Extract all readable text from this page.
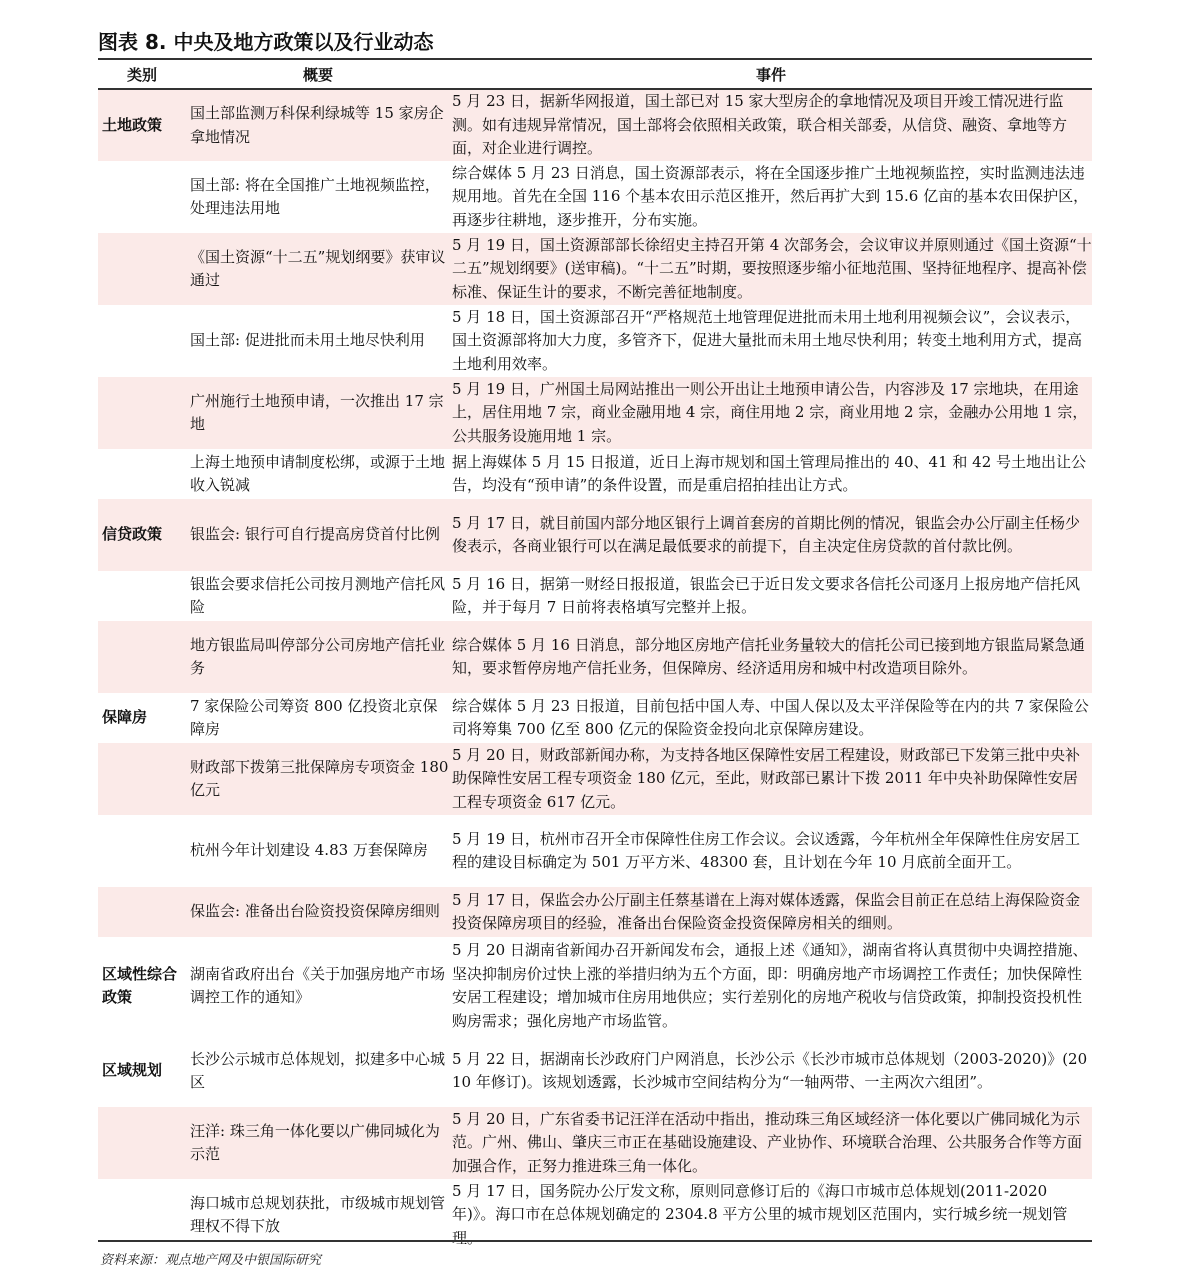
图表 8. 中央及地方政策以及行业动态
类别	概要	事件
土地政策	国土部监测万科保利绿城等 15 家房企拿地情况	5 月 23 日，据新华网报道，国土部已对 15 家大型房企的拿地情况及项目开竣工情况进行监测。如有违规异常情况，国土部将会依照相关政策，联合相关部委，从信贷、融资、拿地等方面，对企业进行调控。
	国土部: 将在全国推广土地视频监控，处理违法用地	综合媒体 5 月 23 日消息，国土资源部表示，将在全国逐步推广土地视频监控，实时监测违法违规用地。首先在全国 116 个基本农田示范区推开，然后再扩大到 15.6 亿亩的基本农田保护区，再逐步往耕地，逐步推开，分布实施。
	《国土资源“十二五”规划纲要》获审议通过	5 月 19 日，国土资源部部长徐绍史主持召开第 4 次部务会，会议审议并原则通过《国土资源“十二五”规划纲要》(送审稿)。“十二五”时期，要按照逐步缩小征地范围、坚持征地程序、提高补偿标准、保证生计的要求，不断完善征地制度。
	国土部: 促进批而未用土地尽快利用	5 月 18 日，国土资源部召开“严格规范土地管理促进批而未用土地利用视频会议”，会议表示，国土资源部将加大力度，多管齐下，促进大量批而未用土地尽快利用；转变土地利用方式，提高土地利用效率。
	广州施行土地预申请，一次推出 17 宗地	5 月 19 日，广州国土局网站推出一则公开出让土地预申请公告，内容涉及 17 宗地块，在用途上，居住用地 7 宗，商业金融用地 4 宗，商住用地 2 宗，商业用地 2 宗，金融办公用地 1 宗，公共服务设施用地 1 宗。
	上海土地预申请制度松绑，或源于土地收入锐减	据上海媒体 5 月 15 日报道，近日上海市规划和国土管理局推出的 40、41 和 42 号土地出让公告，均没有“预申请”的条件设置，而是重启招拍挂出让方式。
信贷政策	银监会: 银行可自行提高房贷首付比例	5 月 17 日，就目前国内部分地区银行上调首套房的首期比例的情况，银监会办公厅副主任杨少俊表示，各商业银行可以在满足最低要求的前提下，自主决定住房贷款的首付款比例。
	银监会要求信托公司按月测地产信托风险	5 月 16 日，据第一财经日报报道，银监会已于近日发文要求各信托公司逐月上报房地产信托风险，并于每月 7 日前将表格填写完整并上报。
	地方银监局叫停部分公司房地产信托业务	综合媒体 5 月 16 日消息，部分地区房地产信托业务量较大的信托公司已接到地方银监局紧急通知，要求暂停房地产信托业务，但保障房、经济适用房和城中村改造项目除外。
保障房	7 家保险公司筹资 800 亿投资北京保障房	综合媒体 5 月 23 日报道，目前包括中国人寿、中国人保以及太平洋保险等在内的共 7 家保险公司将筹集 700 亿至 800 亿元的保险资金投向北京保障房建设。
	财政部下拨第三批保障房专项资金 180 亿元	5 月 20 日，财政部新闻办称，为支持各地区保障性安居工程建设，财政部已下发第三批中央补助保障性安居工程专项资金 180 亿元，至此，财政部已累计下拨 2011 年中央补助保障性安居工程专项资金 617 亿元。
	杭州今年计划建设 4.83 万套保障房	5 月 19 日，杭州市召开全市保障性住房工作会议。会议透露，今年杭州全年保障性住房安居工程的建设目标确定为 501 万平方米、48300 套，且计划在今年 10 月底前全面开工。
	保监会: 准备出台险资投资保障房细则	5 月 17 日，保监会办公厅副主任蔡基谱在上海对媒体透露，保监会目前正在总结上海保险资金投资保障房项目的经验，准备出台保险资金投资保障房相关的细则。
区域性综合政策	湖南省政府出台《关于加强房地产市场调控工作的通知》	5 月 20 日湖南省新闻办召开新闻发布会，通报上述《通知》，湖南省将认真贯彻中央调控措施、坚决抑制房价过快上涨的举措归纳为五个方面，即：明确房地产市场调控工作责任；加快保障性安居工程建设；增加城市住房用地供应；实行差别化的房地产税收与信贷政策，抑制投资投机性购房需求；强化房地产市场监管。
区域规划	长沙公示城市总体规划，拟建多中心城区	5 月 22 日，据湖南长沙政府门户网消息，长沙公示《长沙市城市总体规划（2003-2020)》(2010 年修订)。该规划透露，长沙城市空间结构分为“一轴两带、一主两次六组团”。
	汪洋: 珠三角一体化要以广佛同城化为示范	5 月 20 日，广东省委书记汪洋在活动中指出，推动珠三角区域经济一体化要以广佛同城化为示范。广州、佛山、肇庆三市正在基础设施建设、产业协作、环境联合治理、公共服务合作等方面加强合作，正努力推进珠三角一体化。
	海口城市总规划获批，市级城市规划管理权不得下放	5 月 17 日，国务院办公厅发文称，原则同意修订后的《海口市城市总体规划(2011-2020 年)》。海口市在总体规划确定的 2304.8 平方公里的城市规划区范围内，实行城乡统一规划管理。

资料来源：观点地产网及中银国际研究
